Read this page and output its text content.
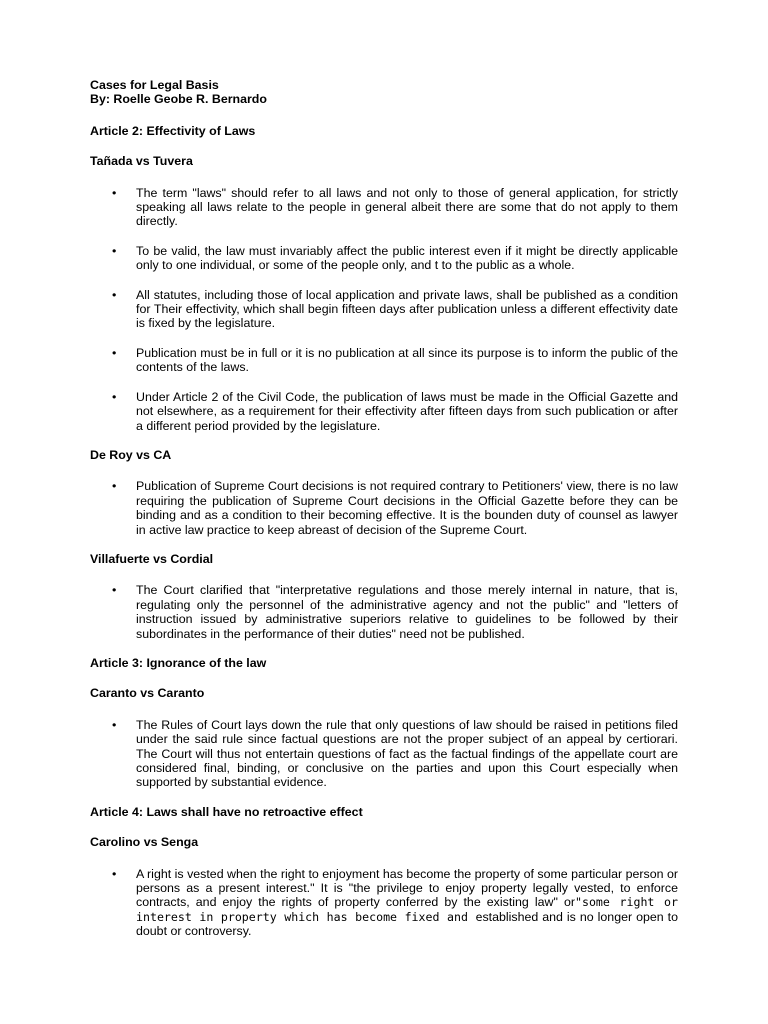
Cases for Legal Basis

By: Roelle Geobe R. Bernardo

Article 2: Effectivity of Laws

Tañada vs Tuvera

• The term "laws" should refer to all laws and not only to those of general application, for strictly speaking all laws relate to the people in general albeit there are some that do not apply to them directly.
• To be valid, the law must invariably affect the public interest even if it might be directly applicable only to one individual, or some of the people only, and t to the public as a whole.
• All statutes, including those of local application and private laws, shall be published as a condition for Their effectivity, which shall begin fifteen days after publication unless a different effectivity date is fixed by the legislature.
• Publication must be in full or it is no publication at all since its purpose is to inform the public of the contents of the laws.
• Under Article 2 of the Civil Code, the publication of laws must be made in the Official Gazette and not elsewhere, as a requirement for their effectivity after fifteen days from such publication or after a different period provided by the legislature.

De Roy vs CA

• Publication of Supreme Court decisions is not required contrary to Petitioners' view, there is no law requiring the publication of Supreme Court decisions in the Official Gazette before they can be binding and as a condition to their becoming effective. It is the bounden duty of counsel as lawyer in active law practice to keep abreast of decision of the Supreme Court.

Villafuerte vs Cordial

• The Court clarified that "interpretative regulations and those merely internal in nature, that is, regulating only the personnel of the administrative agency and not the public" and "letters of instruction issued by administrative superiors relative to guidelines to be followed by their subordinates in the performance of their duties" need not be published.

Article 3: Ignorance of the law

Caranto vs Caranto

• The Rules of Court lays down the rule that only questions of law should be raised in petitions filed under the said rule since factual questions are not the proper subject of an appeal by certiorari. The Court will thus not entertain questions of fact as the factual findings of the appellate court are considered final, binding, or conclusive on the parties and upon this Court especially when supported by substantial evidence.

Article 4: Laws shall have no retroactive effect

Carolino vs Senga

• A right is vested when the right to enjoyment has become the property of some particular person or persons as a present interest." It is "the privilege to enjoy property legally vested, to enforce contracts, and enjoy the rights of property conferred by the existing law" or"some right or interest in property which has become fixed and established and is no longer open to doubt or controversy.
